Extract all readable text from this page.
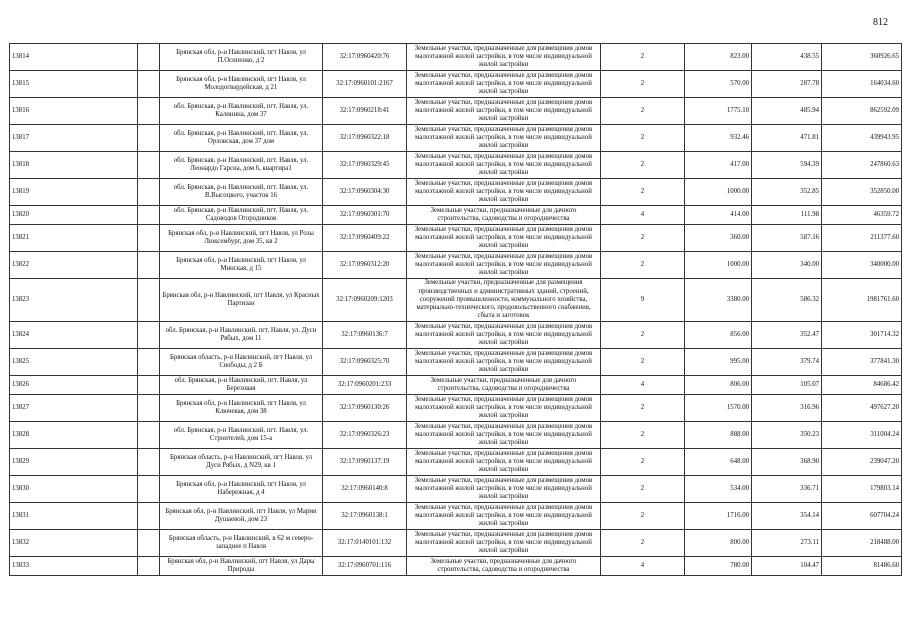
812
13814		Брянская обл, р-н Навлинский, пгт Навля, ул П.Осипенко, д 2	32:17:0960420:76	Земельные участки, предназначенные для размещения домов малоэтажной жилой застройки, в том числе индивидуальной жилой застройки	2	823.00	438.55	360926.65
13815		Брянская обл, р-н Навлинский, пгт Навля, ул Молодогвардейская, д 21	32:17:0960101:2167	Земельные участки, предназначенные для размещения домов малоэтажной жилой застройки, в том числе индивидуальной жилой застройки	2	570.00	287.78	164034.60
13816		обл. Брянская, р-н Навлинский, пгт. Навля, ул. Калинина, дом 37	32:17:0960218:41	Земельные участки, предназначенные для размещения домов малоэтажной жилой застройки, в том числе индивидуальной жилой застройки	2	1775.10	485.94	862592.09
13817		обл. Брянская, р-н Навлинский, пгт. Навля, ул. Орловская, дом 37 дом	32:17:0960322:18	Земельные участки, предназначенные для размещения домов малоэтажной жилой застройки, в том числе индивидуальной жилой застройки	2	932.46	471.81	439943.95
13818		обл. Брянская, р-н Навлинский, пгт. Навля, ул. Леонардо Гарсиа, дом 6, квартира1	32:17:0960329:45	Земельные участки, предназначенные для размещения домов малоэтажной жилой застройки, в том числе индивидуальной жилой застройки	2	417.00	594.39	247860.63
13819		обл. Брянская, р-н Навлинский, пгт. Навля, ул. В.Высоцкого, участок 16	32:17:0960304:30	Земельные участки, предназначенные для размещения домов малоэтажной жилой застройки, в том числе индивидуальной жилой застройки	2	1000.00	352.85	352850.00
13820		обл. Брянская, р-н Навлинский, пгт. Навля, ул. Садоводов Огородников	32:17:0960301:70	Земельные участки, предназначенные для дачного строительства, садоводства и огородничества	4	414.00	111.98	46359.72
13821		Брянская обл, р-н Навлинский, пгт Навля, ул Розы Люксембург, дом 35, кв 2	32:17:0960409:22	Земельные участки, предназначенные для размещения домов малоэтажной жилой застройки, в том числе индивидуальной жилой застройки	2	360.00	587.16	211377.60
13822		Брянская обл, р-н Навлинский, пгт Навля, ул Минская, д 15	32:17:0960312:20	Земельные участки, предназначенные для размещения домов малоэтажной жилой застройки, в том числе индивидуальной жилой застройки	2	1000.00	340.00	340000.00
13823		Брянская обл, р-н Навлинский, пгт Навля, ул Красных Партизан	32:17:0960209:1203	Земельные участки, предназначенные для размещения производственных и административных зданий, строений, сооружений промышленности, коммунального хозяйства, материально-технического, продовольственного снабжения, сбыта и заготовок	9	3380.00	586.32	1981761.60
13824		обл. Брянская, р-н Навлинский, пгт. Навля, ул. Дуси Рябых, дом 11	32:17:0960136:7	Земельные участки, предназначенные для размещения домов малоэтажной жилой застройки, в том числе индивидуальной жилой застройки	2	856.00	352.47	301714.32
13825		Брянская область, р-н Навлинский, пгт Навля, ул Свободы, д 2 Б	32:17:0960325:70	Земельные участки, предназначенные для размещения домов малоэтажной жилой застройки, в том числе индивидуальной жилой застройки	2	995.00	379.74	377841.30
13826		обл. Брянская, р-н Навлинский, пгт. Навля, ул Березовая	32:17:0960201:233	Земельные участки, предназначенные для дачного строительства, садоводства и огородничества	4	806.00	105.07	84686.42
13827		Брянская обл, р-н Навлинский, пгт Навля, ул Ключевая, дом 38	32:17:0960130:26	Земельные участки, предназначенные для размещения домов малоэтажной жилой застройки, в том числе индивидуальной жилой застройки	2	1570.00	316.96	497627.20
13828		обл. Брянская, р-н Навлинский, пгт. Навля, ул. Строителей, дом 15-а	32:17:0960326:23	Земельные участки, предназначенные для размещения домов малоэтажной жилой застройки, в том числе индивидуальной жилой застройки	2	888.00	350.23	311004.24
13829		Брянская область, р-н Навлинский, пгт Навля, ул Дуси Рябых, д N29, кв 1	32:17:0960137:19	Земельные участки, предназначенные для размещения домов малоэтажной жилой застройки, в том числе индивидуальной жилой застройки	2	648.00	368.90	239047.20
13830		Брянская обл, р-н Навлинский, пгт Навля, ул Набережная, д 4	32:17:0960140:8	Земельные участки, предназначенные для размещения домов малоэтажной жилой застройки, в том числе индивидуальной жилой застройки	2	534.00	336.71	179803.14
13831		Брянская обл, р-н Навлинский, пгт Навля, ул Марии Душаевой, дом 23	32:17:0960138:1	Земельные участки, предназначенные для размещения домов малоэтажной жилой застройки, в том числе индивидуальной жилой застройки	2	1716.00	354.14	607704.24
13832		Брянская область, р-н Навлинский, в 62 м северо-западнее п Навля	32:17:0140101:132	Земельные участки, предназначенные для размещения домов малоэтажной жилой застройки, в том числе индивидуальной жилой застройки	2	800.00	273.11	218488.00
13833		Брянская обл, р-н Навлинский, пгт Навля, ул Дары Природы	32:17:0960701:116	Земельные участки, предназначенные для дачного строительства, садоводства и огородничества	4	780.00	104.47	81486.60
